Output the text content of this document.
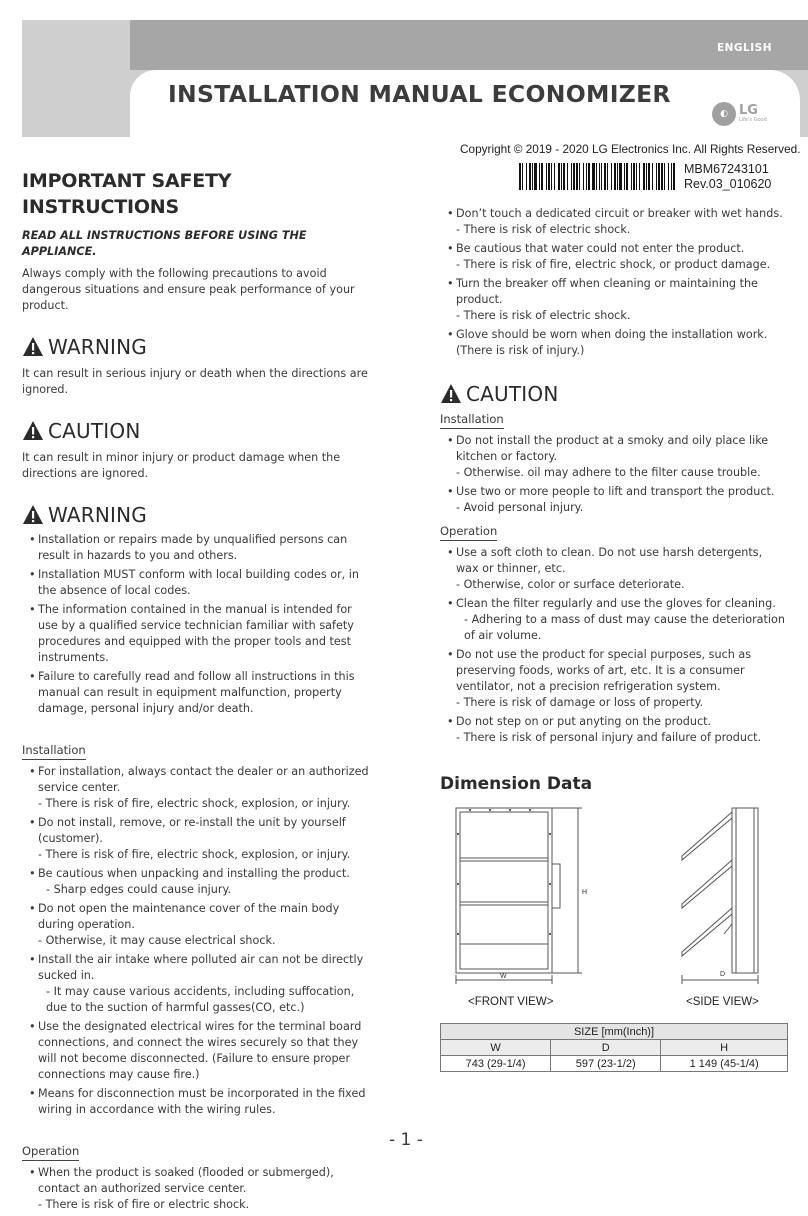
ENGLISH
INSTALLATION MANUAL ECONOMIZER
◐ LG
Life's Good
Copyright © 2019 - 2020 LG Electronics Inc. All Rights Reserved.
MBM67243101
Rev.03_010620
IMPORTANT SAFETY INSTRUCTIONS
READ ALL INSTRUCTIONS BEFORE USING THE APPLIANCE.

Always comply with the following precautions to avoid dangerous situations and ensure peak performance of your product.

WARNING

It can result in serious injury or death when the directions are ignored.

CAUTION

It can result in minor injury or product damage when the directions are ignored.

WARNING
• Installation or repairs made by unqualified persons can result in hazards to you and others.
• Installation MUST conform with local building codes or, in the absence of local codes.
• The information contained in the manual is intended for use by a qualified service technician familiar with safety procedures and equipped with the proper tools and test instruments.
• Failure to carefully read and follow all instructions in this manual can result in equipment malfunction, property damage, personal injury and/or death.
Installation
• For installation, always contact the dealer or an authorized service center.
- There is risk of fire, electric shock, explosion, or injury.
• Do not install, remove, or re-install the unit by yourself (customer).
- There is risk of fire, electric shock, explosion, or injury.
• Be cautious when unpacking and installing the product.
- Sharp edges could cause injury.
• Do not open the maintenance cover of the main body during operation.
- Otherwise, it may cause electrical shock.
• Install the air intake where polluted air can not be directly sucked in.
- It may cause various accidents, including suffocation, due to the suction of harmful gasses(CO, etc.)
• Use the designated electrical wires for the terminal board connections, and connect the wires securely so that they will not become disconnected. (Failure to ensure proper connections may cause fire.)
• Means for disconnection must be incorporated in the fixed wiring in accordance with the wiring rules.
Operation
• When the product is soaked (flooded or submerged), contact an authorized service center.
- There is risk of fire or electric shock.
• Don’t touch a dedicated circuit or breaker with wet hands.
- There is risk of electric shock.
• Be cautious that water could not enter the product.
- There is risk of fire, electric shock, or product damage.
• Turn the breaker off when cleaning or maintaining the product.
- There is risk of electric shock.
• Glove should be worn when doing the installation work. (There is risk of injury.)
CAUTION
Installation
• Do not install the product at a smoky and oily place like kitchen or factory.
- Otherwise. oil may adhere to the filter cause trouble.
• Use two or more people to lift and transport the product.
- Avoid personal injury.
Operation
• Use a soft cloth to clean. Do not use harsh detergents, wax or thinner, etc.
- Otherwise, color or surface deteriorate.
• Clean the filter regularly and use the gloves for cleaning.
- Adhering to a mass of dust may cause the deterioration of air volume.
• Do not use the product for special purposes, such as preserving foods, works of art, etc. It is a consumer ventilator, not a precision refrigeration system.
- There is risk of damage or loss of property.
• Do not step on or put anyting on the product.
- There is risk of personal injury and failure of product.
Dimension Data
W
H
D
<FRONT VIEW>	<SIDE VIEW>
SIZE [mm(Inch)]		
W	D	H
743 (29-1/4)	597 (23-1/2)	1 149 (45-1/4)
- 1 -
